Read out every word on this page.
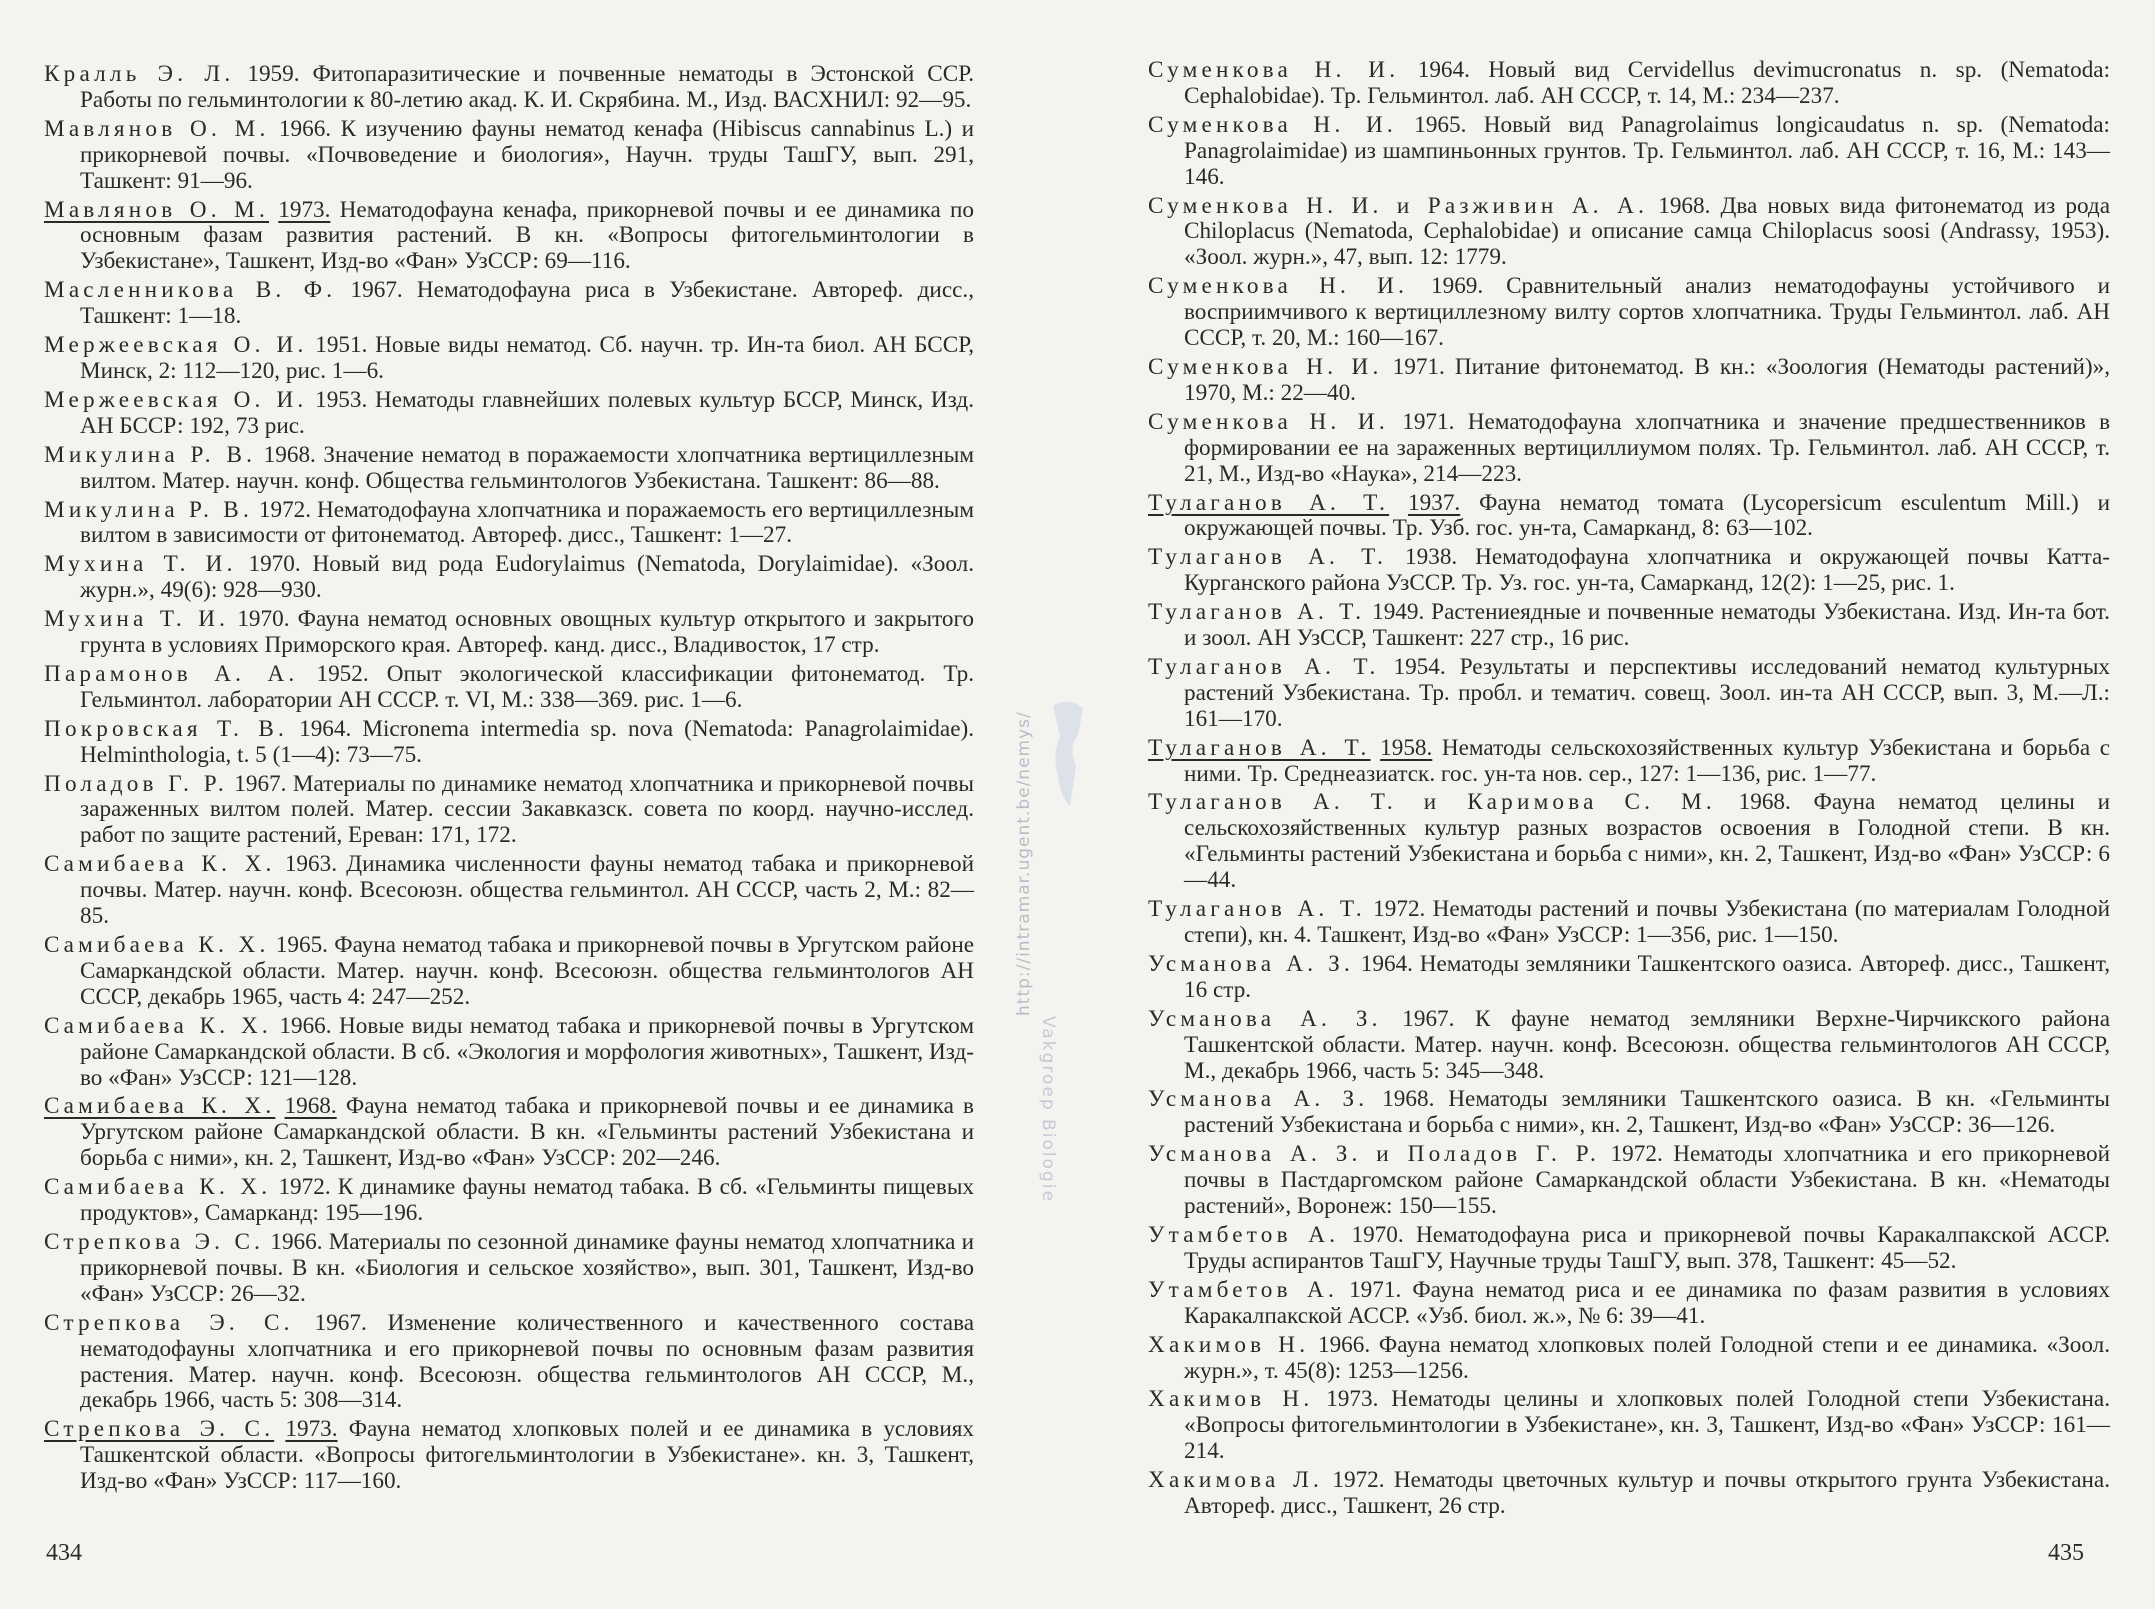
Кралль Э. Л. 1959. Фитопаразитические и почвенные нематоды в Эстонской ССР. Работы по гельминтологии к 80-летию акад. К. И. Скрябина. М., Изд. ВАСХНИЛ: 92—95.

Мавлянов О. М. 1966. К изучению фауны нематод кенафа (Hibiscus cannabinus L.) и прикорневой почвы. «Почвоведение и биология», Научн. труды ТашГУ, вып. 291, Ташкент: 91—96.

Мавлянов О. М. 1973. Нематодофауна кенафа, прикорневой почвы и ее динамика по основным фазам развития растений. В кн. «Вопросы фитогельминтологии в Узбекистане», Ташкент, Изд-во «Фан» УзССР: 69—116.

Масленникова В. Ф. 1967. Нематодофауна риса в Узбекистане. Автореф. дисс., Ташкент: 1—18.

Мержеевская О. И. 1951. Новые виды нематод. Сб. научн. тр. Ин-та биол. АН БССР, Минск, 2: 112—120, рис. 1—6.

Мержеевская О. И. 1953. Нематоды главнейших полевых культур БССР, Минск, Изд. АН БССР: 192, 73 рис.

Микулина Р. В. 1968. Значение нематод в поражаемости хлопчатника вертициллезным вилтом. Матер. научн. конф. Общества гельминтологов Узбекистана. Ташкент: 86—88.

Микулина Р. В. 1972. Нематодофауна хлопчатника и поражаемость его вертициллезным вилтом в зависимости от фитонематод. Автореф. дисс., Ташкент: 1—27.

Мухина Т. И. 1970. Новый вид рода Eudorylaimus (Nematoda, Dorylaimidae). «Зоол. журн.», 49(6): 928—930.

Мухина Т. И. 1970. Фауна нематод основных овощных культур открытого и закрытого грунта в условиях Приморского края. Автореф. канд. дисс., Владивосток, 17 стр.

Парамонов А. А. 1952. Опыт экологической классификации фитонематод. Тр. Гельминтол. лаборатории АН СССР. т. VI, М.: 338—369. рис. 1—6.

Покровская Т. В. 1964. Micronema intermedia sp. nova (Nematoda: Panagrolaimidae). Helminthologia, t. 5 (1—4): 73—75.

Поладов Г. Р. 1967. Материалы по динамике нематод хлопчатника и прикорневой почвы зараженных вилтом полей. Матер. сессии Закавказск. совета по коорд. научно-исслед. работ по защите растений, Ереван: 171, 172.

Самибаева К. Х. 1963. Динамика численности фауны нематод табака и прикорневой почвы. Матер. научн. конф. Всесоюзн. общества гельминтол. АН СССР, часть 2, М.: 82—85.

Самибаева К. Х. 1965. Фауна нематод табака и прикорневой почвы в Ургутском районе Самаркандской области. Матер. научн. конф. Всесоюзн. общества гельминтологов АН СССР, декабрь 1965, часть 4: 247—252.

Самибаева К. Х. 1966. Новые виды нематод табака и прикорневой почвы в Ургутском районе Самаркандской области. В сб. «Экология и морфология животных», Ташкент, Изд-во «Фан» УзССР: 121—128.

Самибаева К. Х. 1968. Фауна нематод табака и прикорневой почвы и ее динамика в Ургутском районе Самаркандской области. В кн. «Гельминты растений Узбекистана и борьба с ними», кн. 2, Ташкент, Изд-во «Фан» УзССР: 202—246.

Самибаева К. Х. 1972. К динамике фауны нематод табака. В сб. «Гельминты пищевых продуктов», Самарканд: 195—196.

Стрепкова Э. С. 1966. Материалы по сезонной динамике фауны нематод хлопчатника и прикорневой почвы. В кн. «Биология и сельское хозяйство», вып. 301, Ташкент, Изд-во «Фан» УзССР: 26—32.

Стрепкова Э. С. 1967. Изменение количественного и качественного состава нематодофауны хлопчатника и его прикорневой почвы по основным фазам развития растения. Матер. научн. конф. Всесоюзн. общества гельминтологов АН СССР, М., декабрь 1966, часть 5: 308—314.

Стрепкова Э. С. 1973. Фауна нематод хлопковых полей и ее динамика в условиях Ташкентской области. «Вопросы фитогельминтологии в Узбекистане». кн. 3, Ташкент, Изд-во «Фан» УзССР: 117—160.

434
http://intramar.ugent.be/nemys/
Vakgroep Biologie

Суменкова Н. И. 1964. Новый вид Cervidellus devimucronatus n. sp. (Nematoda: Cephalobidae). Тр. Гельминтол. лаб. АН СССР, т. 14, М.: 234—237.

Суменкова Н. И. 1965. Новый вид Panagrolaimus longicaudatus n. sp. (Nematoda: Panagrolaimidae) из шампиньонных грунтов. Тр. Гельминтол. лаб. АН СССР, т. 16, М.: 143—146.

Суменкова Н. И. и Разживин А. А. 1968. Два новых вида фитонематод из рода Chiloplacus (Nematoda, Cephalobidae) и описание самца Chiloplacus soosi (Andrassy, 1953). «Зоол. журн.», 47, вып. 12: 1779.

Суменкова Н. И. 1969. Сравнительный анализ нематодофауны устойчивого и восприимчивого к вертициллезному вилту сортов хлопчатника. Труды Гельминтол. лаб. АН СССР, т. 20, М.: 160—167.

Суменкова Н. И. 1971. Питание фитонематод. В кн.: «Зоология (Нематоды растений)», 1970, М.: 22—40.

Суменкова Н. И. 1971. Нематодофауна хлопчатника и значение предшественников в формировании ее на зараженных вертициллиумом полях. Тр. Гельминтол. лаб. АН СССР, т. 21, М., Изд-во «Наука», 214—223.

Тулаганов А. Т. 1937. Фауна нематод томата (Lycopersicum esculentum Mill.) и окружающей почвы. Тр. Узб. гос. ун-та, Самарканд, 8: 63—102.

Тулаганов А. Т. 1938. Нематодофауна хлопчатника и окружающей почвы Катта-Курганского района УзССР. Тр. Уз. гос. ун-та, Самарканд, 12(2): 1—25, рис. 1.

Тулаганов А. Т. 1949. Растениеядные и почвенные нематоды Узбекистана. Изд. Ин-та бот. и зоол. АН УзССР, Ташкент: 227 стр., 16 рис.

Тулаганов А. Т. 1954. Результаты и перспективы исследований нематод культурных растений Узбекистана. Тр. пробл. и тематич. совещ. Зоол. ин-та АН СССР, вып. 3, М.—Л.: 161—170.

Тулаганов А. Т. 1958. Нематоды сельскохозяйственных культур Узбекистана и борьба с ними. Тр. Среднеазиатск. гос. ун-та нов. сер., 127: 1—136, рис. 1—77.

Тулаганов А. Т. и Каримова С. М. 1968. Фауна нематод целины и сельскохозяйственных культур разных возрастов освоения в Голодной степи. В кн. «Гельминты растений Узбекистана и борьба с ними», кн. 2, Ташкент, Изд-во «Фан» УзССР: 6—44.

Тулаганов А. Т. 1972. Нематоды растений и почвы Узбекистана (по материалам Голодной степи), кн. 4. Ташкент, Изд-во «Фан» УзССР: 1—356, рис. 1—150.

Усманова А. З. 1964. Нематоды земляники Ташкентского оазиса. Автореф. дисс., Ташкент, 16 стр.

Усманова А. З. 1967. К фауне нематод земляники Верхне-Чирчикского района Ташкентской области. Матер. научн. конф. Всесоюзн. общества гельминтологов АН СССР, М., декабрь 1966, часть 5: 345—348.

Усманова А. З. 1968. Нематоды земляники Ташкентского оазиса. В кн. «Гельминты растений Узбекистана и борьба с ними», кн. 2, Ташкент, Изд-во «Фан» УзССР: 36—126.

Усманова А. З. и Поладов Г. Р. 1972. Нематоды хлопчатника и его прикорневой почвы в Пастдаргомском районе Самаркандской области Узбекистана. В кн. «Нематоды растений», Воронеж: 150—155.

Утамбетов А. 1970. Нематодофауна риса и прикорневой почвы Каракалпакской АССР. Труды аспирантов ТашГУ, Научные труды ТашГУ, вып. 378, Ташкент: 45—52.

Утамбетов А. 1971. Фауна нематод риса и ее динамика по фазам развития в условиях Каракалпакской АССР. «Узб. биол. ж.», № 6: 39—41.

Хакимов Н. 1966. Фауна нематод хлопковых полей Голодной степи и ее динамика. «Зоол. журн.», т. 45(8): 1253—1256.

Хакимов Н. 1973. Нематоды целины и хлопковых полей Голодной степи Узбекистана. «Вопросы фитогельминтологии в Узбекистане», кн. 3, Ташкент, Изд-во «Фан» УзССР: 161—214.

Хакимова Л. 1972. Нематоды цветочных культур и почвы открытого грунта Узбекистана. Автореф. дисс., Ташкент, 26 стр.

435
